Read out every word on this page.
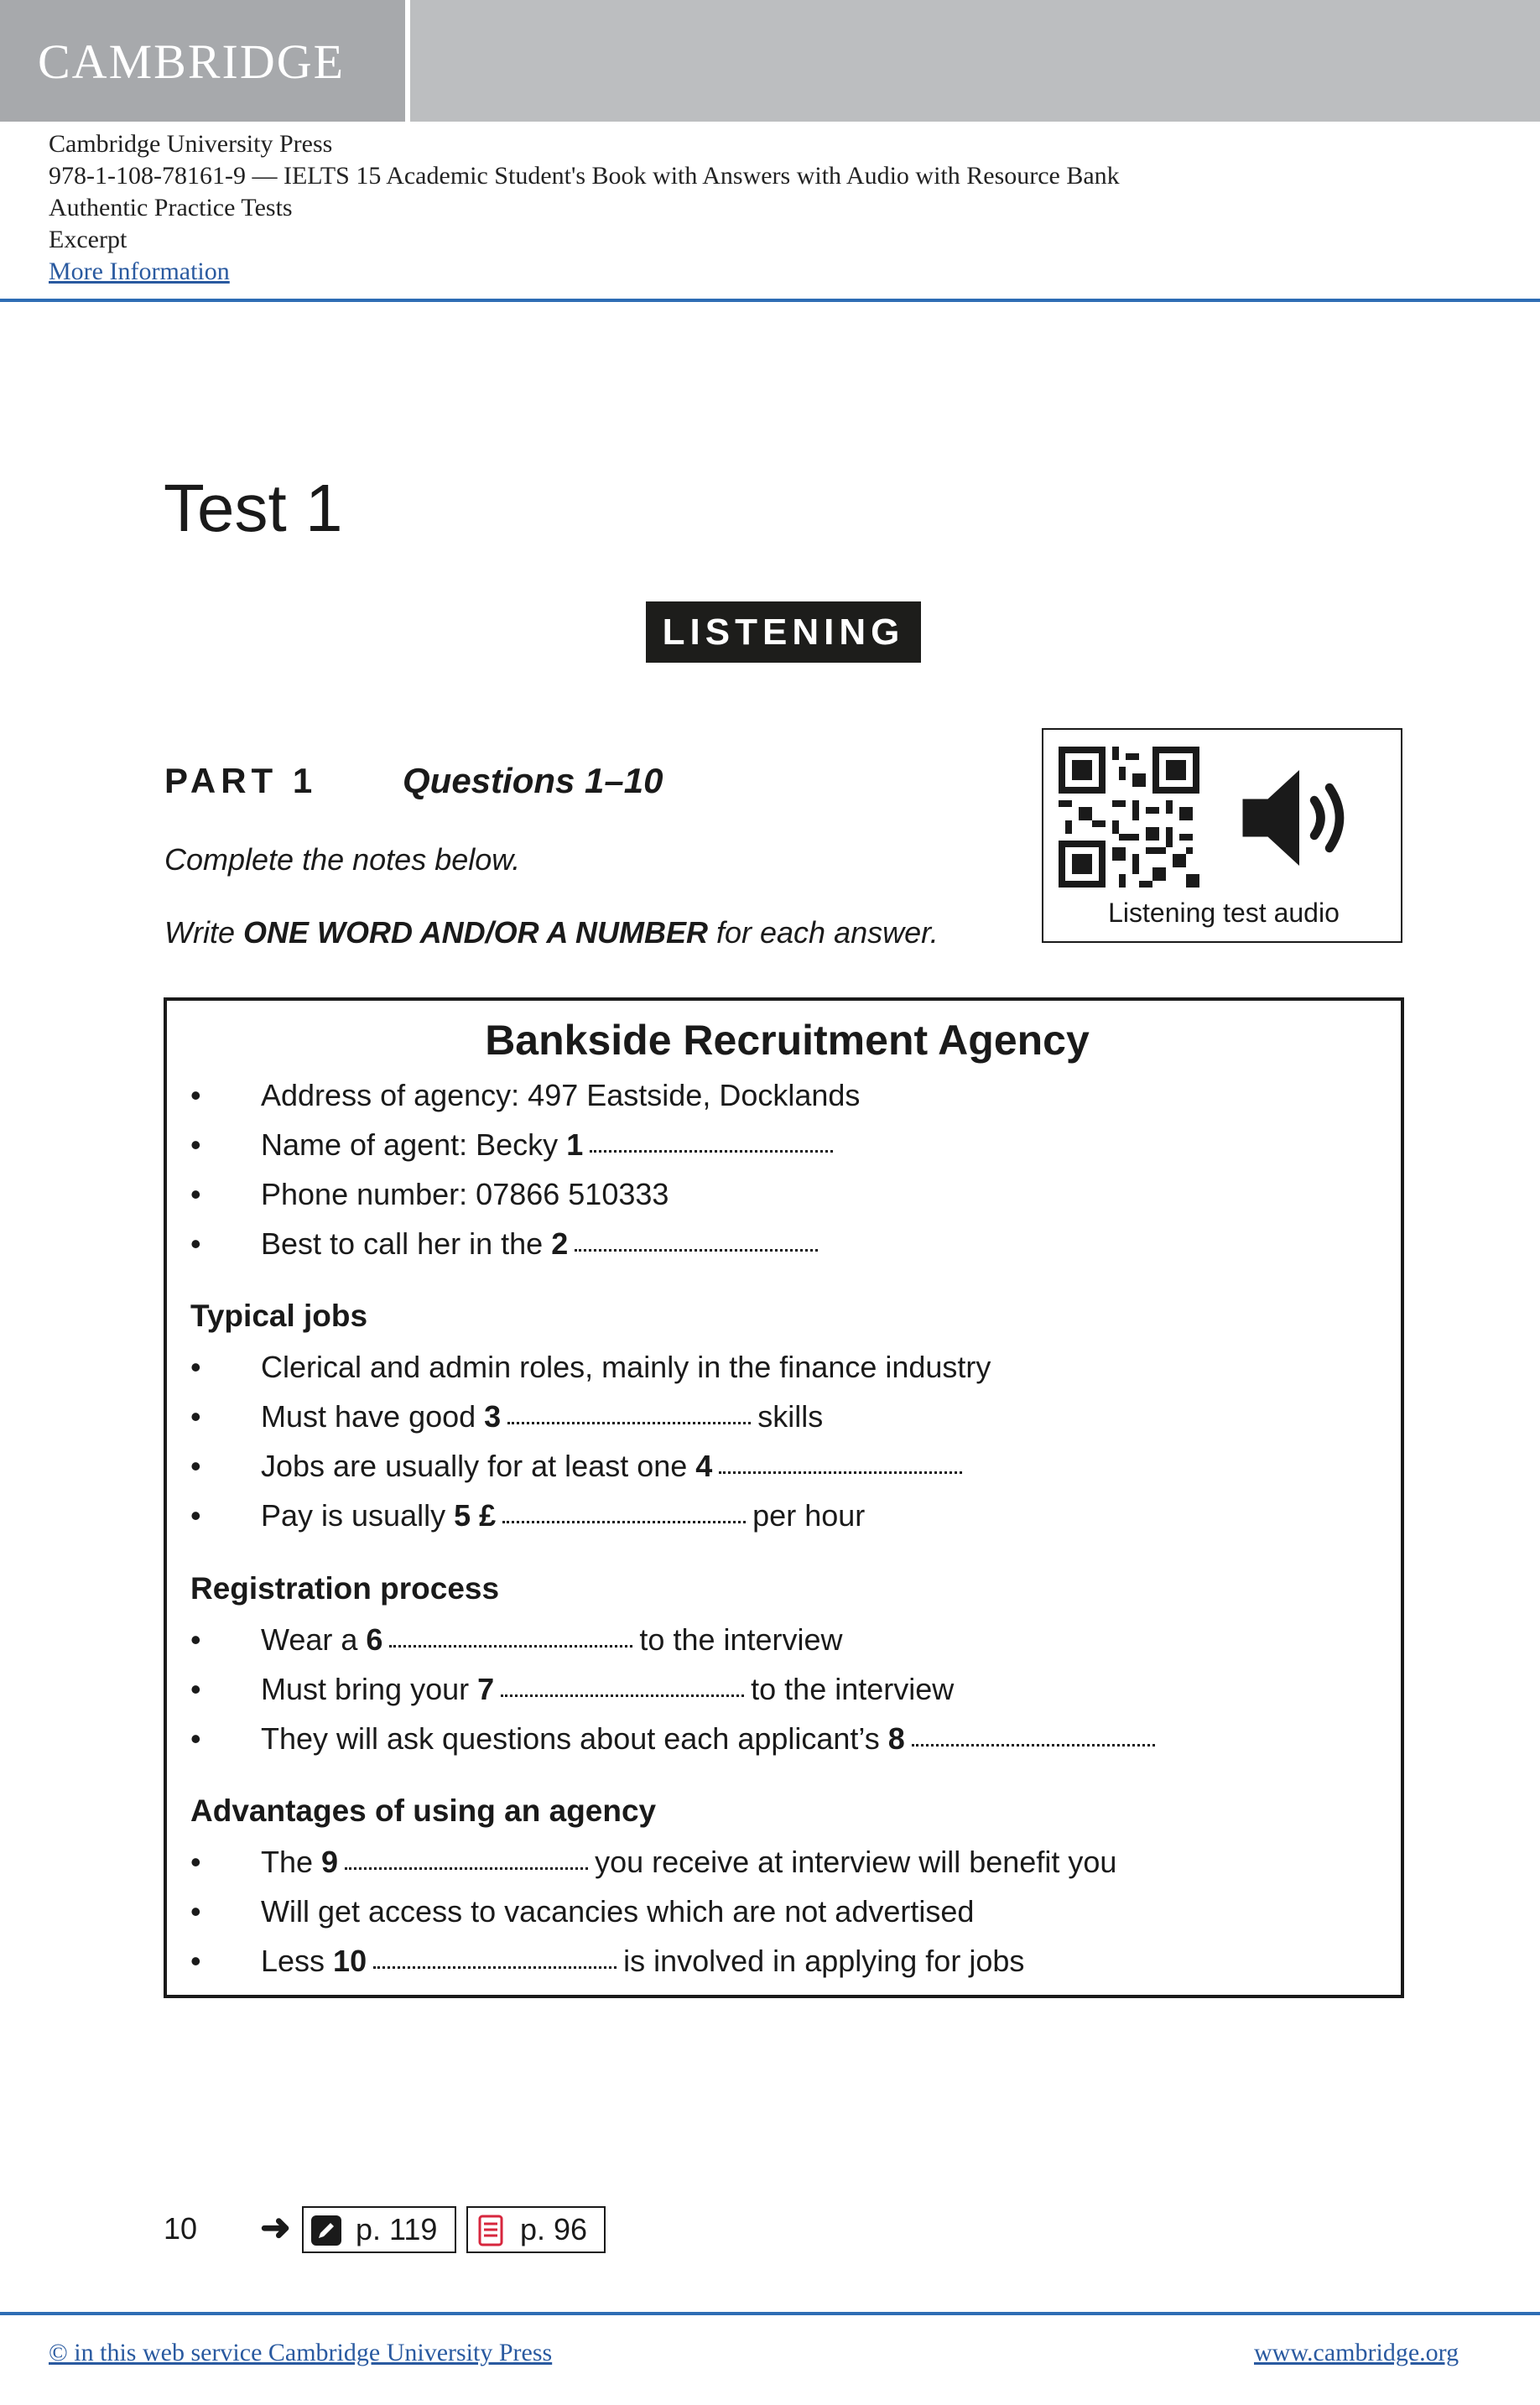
CAMBRIDGE
Cambridge University Press
978-1-108-78161-9 — IELTS 15 Academic Student's Book with Answers with Audio with Resource Bank
Authentic Practice Tests
Excerpt
More Information
Test 1
LISTENING
PART 1 Questions 1–10
Complete the notes below.
Write ONE WORD AND/OR A NUMBER for each answer.
Listening test audio
Bankside Recruitment Agency
• Address of agency: 497 Eastside, Docklands
• Name of agent: Becky 1
• Phone number: 07866 510333
• Best to call her in the 2
Typical jobs
• Clerical and admin roles, mainly in the finance industry
• Must have good 3	skills
• Jobs are usually for at least one 4
• Pay is usually 5 £	per hour
Registration process
• Wear a 6	to the interview
• Must bring your 7	to the interview
• They will ask questions about each applicant’s 8
Advantages of using an agency
• The 9	you receive at interview will benefit you
• Will get access to vacancies which are not advertised
• Less 10	is involved in applying for jobs
10 ➜	p. 119	p. 96
© in this web service Cambridge University Press	www.cambridge.org
